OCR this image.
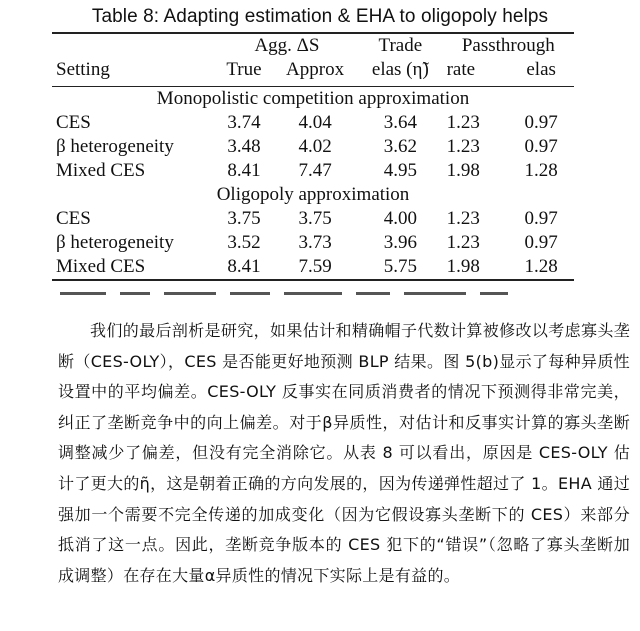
Table 8: Adapting estimation & EHA to oligopoly helps
	Agg. ΔS		Trade	Passthrough	
Setting	True	Approx	elas (η̃)	rate	elas

Monopolistic competition approximation					
CES	3.74	4.04	3.64	1.23	0.97
β heterogeneity	3.48	4.02	3.62	1.23	0.97
Mixed CES	8.41	7.47	4.95	1.98	1.28
Oligopoly approximation					
CES	3.75	3.75	4.00	1.23	0.97
β heterogeneity	3.52	3.73	3.96	1.23	0.97
Mixed CES	8.41	7.59	5.75	1.98	1.28

我们的最后剖析是研究，如果估计和精确帽子代数计算被修改以考虑寡头垄断（CES-OLY），CES 是否能更好地预测 BLP 结果。图 5(b)显示了每种异质性设置中的平均偏差。CES-OLY 反事实在同质消费者的情况下预测得非常完美，纠正了垄断竞争中的向上偏差。对于β异质性，对估计和反事实计算的寡头垄断调整减少了偏差，但没有完全消除它。从表 8 可以看出，原因是 CES-OLY 估计了更大的η̃，这是朝着正确的方向发展的，因为传递弹性超过了 1。EHA 通过强加一个需要不完全传递的加成变化（因为它假设寡头垄断下的 CES）来部分抵消了这一点。因此，垄断竞争版本的 CES 犯下的“错误”（忽略了寡头垄断加成调整）在存在大量α异质性的情况下实际上是有益的。
